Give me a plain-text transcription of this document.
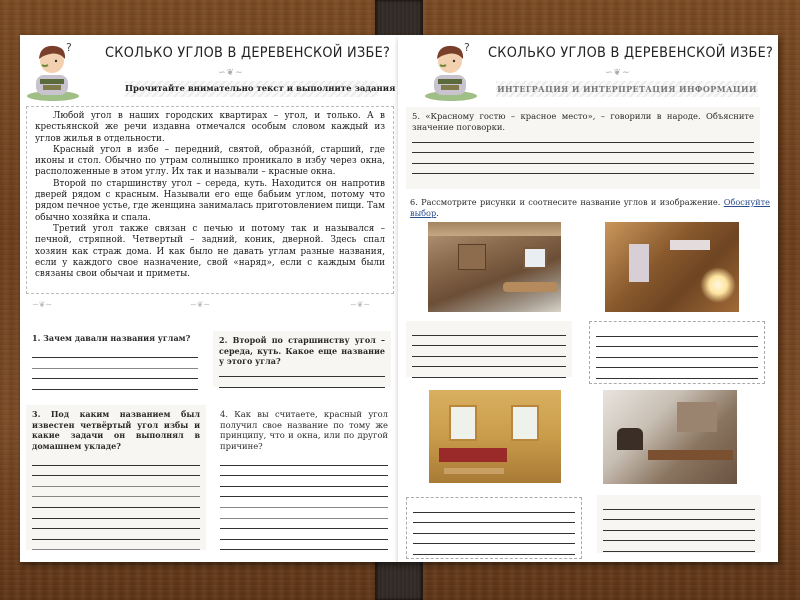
? СКОЛЬКО УГЛОВ В ДЕРЕВЕНСКОЙ ИЗБЕ?
∽❦∼
Прочитайте внимательно текст и выполните задания

Любой угол в наших городских квартирах – угол, и только. А в крестьянской же речи издавна отмечался особым словом каждый из углов жилья в отдельности.

Красный угол в избе – передний, святой, образно́й, старший, где иконы и стол. Обычно по утрам солнышко проникало в избу через окна, расположенные в этом углу. Их так и называли – красные окна.

Второй по старшинству угол – середа, куть. Находится он напротив дверей рядом с красным. Называли его еще бабьим углом, потому что рядом печное устье, где женщина занималась приготовлением пищи. Там обычно хозяйка и спала.

Третий угол также связан с печью и потому так и назывался – печной, стряпной. Четвертый – задний, коник, дверной. Здесь спал хозяин как страж дома. И как было не давать углам разные названия, если у каждого свое назначение, свой «наряд», если с каждым были связаны свои обычаи и приметы.

∽❦∼	∽❦∼	∽❦∼
1. Зачем давали названия углам?	2. Второй по старшинству угол – середа, куть. Какое еще название у этого угла?
3. Под каким названием был известен четвёртый угол избы и какие задачи он выполнял в домашнем укладе?
4. Как вы считаете, красный угол получил свое название по тому же принципу, что и окна, или по другой причине?
? СКОЛЬКО УГЛОВ В ДЕРЕВЕНСКОЙ ИЗБЕ?
∽❦∼
ИНТЕГРАЦИЯ И ИНТЕРПРЕТАЦИЯ ИНФОРМАЦИИ
5. «Красному гостю – красное место», – говорили в народе. Объясните значение поговорки.
6. Рассмотрите рисунки и соотнесите название углов и изображение. Обоснуйте выбор.
